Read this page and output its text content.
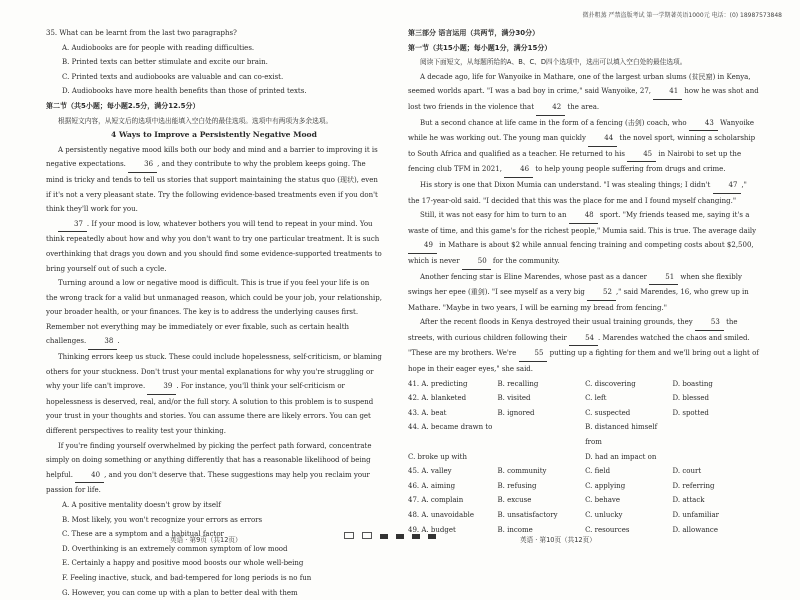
微扑粗蒸 严禁盗版考试 第一学期著英语1000元 电话：(0) 18987573848

35. What can be learnt from the last two paragraphs?

A. Audiobooks are for people with reading difficulties.

B. Printed texts can better stimulate and excite our brain.

C. Printed texts and audiobooks are valuable and can co-exist.

D. Audiobooks have more health benefits than those of printed texts.

第二节（共5小题；每小题2.5分，满分12.5分）

根据短文内容，从短文后的选项中选出能填入空白处的最佳选项。选项中有两项为多余选项。

4 Ways to Improve a Persistently Negative Mood

A persistently negative mood kills both our body and mind and a barrier to improving it is negative expectations.	36 , and they contribute to why the problem keeps going. The mind is tricky and tends to tell us stories that support maintaining the status quo (现状), even if it's not a very pleasant state. Try the following evidence-based treatments even if you don't think they'll work for you.

37 . If your mood is low, whatever bothers you will tend to repeat in your mind. You think repeatedly about how and why you don't want to try one particular treatment. It is such overthinking that drags you down and you should find some evidence-supported treatments to bring yourself out of such a cycle.

Turning around a low or negative mood is difficult. This is true if you feel your life is on the wrong track for a valid but unmanaged reason, which could be your job, your relationship, your broader health, or your finances. The key is to address the underlying causes first. Remember not everything may be immediately or ever fixable, such as certain health challenges.	38 .

Thinking errors keep us stuck. These could include hopelessness, self-criticism, or blaming others for your stuckness. Don't trust your mental explanations for why you're struggling or why your life can't improve.	39 . For instance, you'll think your self-criticism or hopelessness is deserved, real, and/or the full story. A solution to this problem is to suspend your trust in your thoughts and stories. You can assume there are likely errors. You can get different perspectives to reality test your thinking.

If you're finding yourself overwhelmed by picking the perfect path forward, concentrate simply on doing something or anything differently that has a reasonable likelihood of being helpful.	40 , and you don't deserve that. These suggestions may help you reclaim your passion for life.

A. A positive mentality doesn't grow by itself

B. Most likely, you won't recognize your errors as errors

C. These are a symptom and a habitual factor

D. Overthinking is an extremely common symptom of low mood

E. Certainly a happy and positive mood boosts our whole well-being

F. Feeling inactive, stuck, and bad-tempered for long periods is no fun

G. However, you can come up with a plan to better deal with them

英语 · 第9页（共12页）

第三部分 语言运用（共两节，满分30分）

第一节（共15小题；每小题1分，满分15分）

阅读下面短文，从每题所给的A、B、C、D四个选项中，选出可以填入空白处的最佳选项。

A decade ago, life for Wanyoike in Mathare, one of the largest urban slums (贫民窟) in Kenya, seemed worlds apart. "I was a bad boy in crime," said Wanyoike, 27, 41 how he was shot and lost two friends in the violence that 42 the area.

But a second chance at life came in the form of a fencing (击剑) coach, who 43 Wanyoike while he was working out. The young man quickly 44 the novel sport, winning a scholarship to South Africa and qualified as a teacher. He returned to his 45 in Nairobi to set up the fencing club TFM in 2021, 46 to help young people suffering from drugs and crime.

His story is one that Dixon Mumia can understand. "I was stealing things; I didn't 47 ," the 17-year-old said. "I decided that this was the place for me and I found myself changing."

Still, it was not easy for him to turn to an 48 sport. "My friends teased me, saying it's a waste of time, and this game's for the richest people," Mumia said. This is true. The average daily 49 in Mathare is about $2 while annual fencing training and competing costs about $2,500, which is never 50 for the community.

Another fencing star is Eline Marendes, whose past as a dancer 51 when she flexibly swings her epee (重剑). "I see myself as a very big 52 ," said Marendes, 16, who grew up in Mathare. "Maybe in two years, I will be earning my bread from fencing."

After the recent floods in Kenya destroyed their usual training grounds, they 53 the streets, with curious children following their 54 . Marendes watched the chaos and smiled. "These are my brothers. We're 55 putting up a fighting for them and we'll bring out a light of hope in their eager eyes," she said.

41. A. predicting	B. recalling	C. discovering	D. boasting
42. A. blanketed	B. visited	C. left	D. blessed
43. A. beat	B. ignored	C. suspected	D. spotted
44. A. became drawn to		B. distanced himself from	
C. broke up with		D. had an impact on	
45. A. valley	B. community	C. field	D. court
46. A. aiming	B. refusing	C. applying	D. referring
47. A. complain	B. excuse	C. behave	D. attack
48. A. unavoidable	B. unsatisfactory	C. unlucky	D. unfamiliar
49. A. budget	B. income	C. resources	D. allowance
英语 · 第10页（共12页）
